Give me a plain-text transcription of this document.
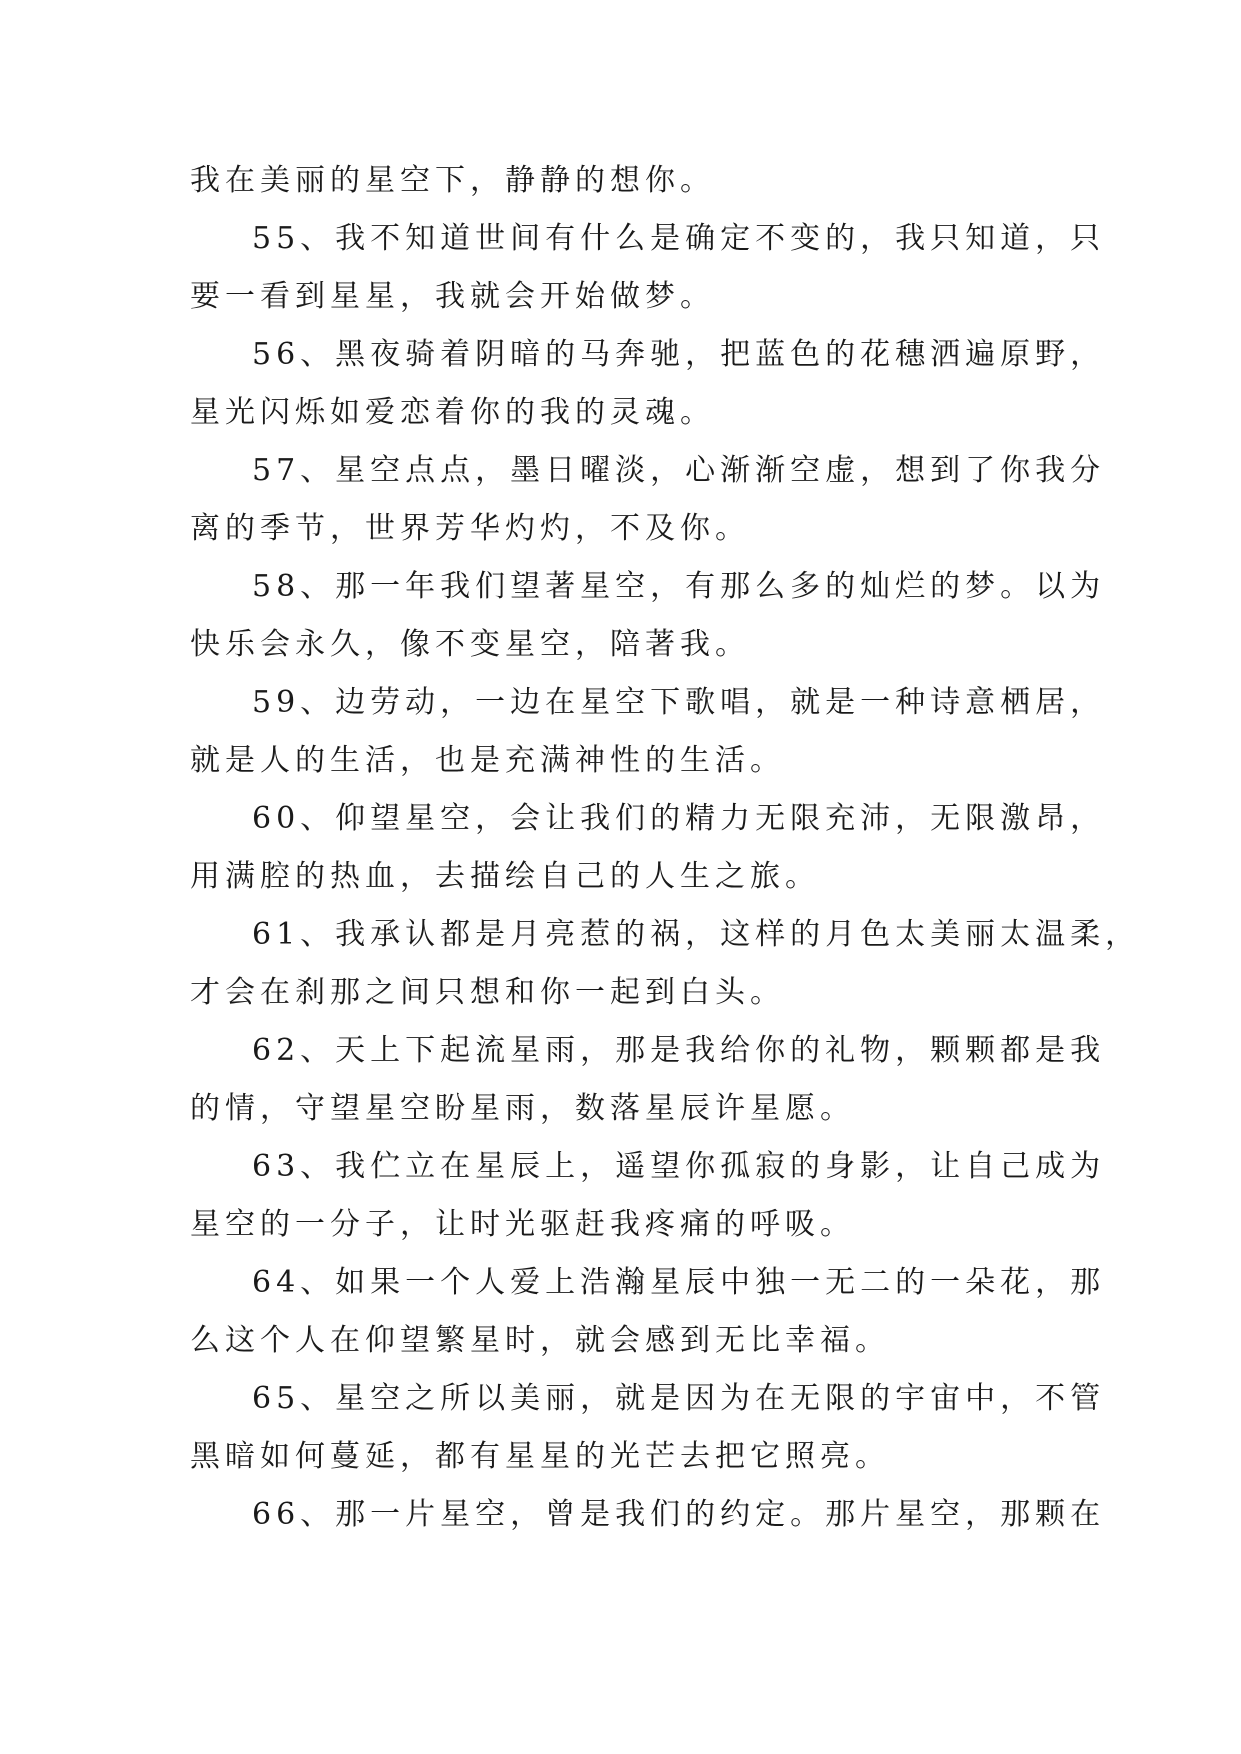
我在美丽的星空下，静静的想你。
55、我不知道世间有什么是确定不变的，我只知道，只
要一看到星星，我就会开始做梦。
56、黑夜骑着阴暗的马奔驰，把蓝色的花穗洒遍原野，
星光闪烁如爱恋着你的我的灵魂。
57、星空点点，墨日曜淡，心渐渐空虚，想到了你我分
离的季节，世界芳华灼灼，不及你。
58、那一年我们望著星空，有那么多的灿烂的梦。以为
快乐会永久，像不变星空，陪著我。
59、边劳动，一边在星空下歌唱，就是一种诗意栖居，
就是人的生活，也是充满神性的生活。
60、仰望星空，会让我们的精力无限充沛，无限激昂，
用满腔的热血，去描绘自己的人生之旅。
61、我承认都是月亮惹的祸，这样的月色太美丽太温柔，
才会在刹那之间只想和你一起到白头。
62、天上下起流星雨，那是我给你的礼物，颗颗都是我
的情，守望星空盼星雨，数落星辰许星愿。
63、我伫立在星辰上，遥望你孤寂的身影，让自己成为
星空的一分子，让时光驱赶我疼痛的呼吸。
64、如果一个人爱上浩瀚星辰中独一无二的一朵花，那
么这个人在仰望繁星时，就会感到无比幸福。
65、星空之所以美丽，就是因为在无限的宇宙中，不管
黑暗如何蔓延，都有星星的光芒去把它照亮。
66、那一片星空，曾是我们的约定。那片星空，那颗在
